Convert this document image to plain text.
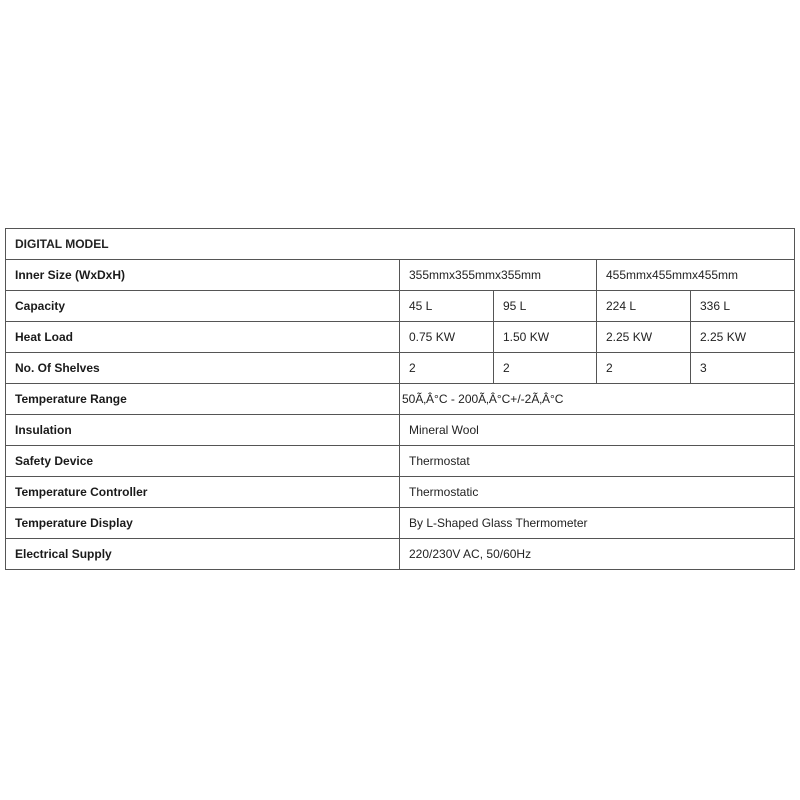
DIGITAL MODEL				
Inner Size (WxDxH)	355mmx355mmx355mm		455mmx455mmx455mm	
Capacity	45 L	95 L	224 L	336 L
Heat Load	0.75 KW	1.50 KW	2.25 KW	2.25 KW
No. Of Shelves	2	2	2	3
Temperature Range	50Ã‚Â°C - 200Ã‚Â°C+/-2Ã‚Â°C			
Insulation	Mineral Wool			
Safety Device	Thermostat			
Temperature Controller	Thermostatic			
Temperature Display	By L-Shaped Glass Thermometer			
Electrical Supply	220/230V AC, 50/60Hz			
